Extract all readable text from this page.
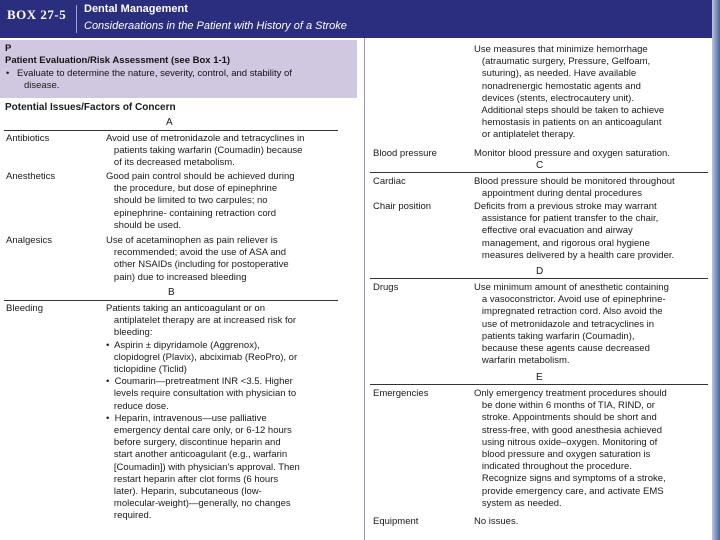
BOX 27-5 Dental Management
Consideraations in the Patient with History of a Stroke
P
Patient Evaluation/Risk Assessment (see Box 1-1)
• Evaluate to determine the nature, severity, control, and stability of
disease.
Potential Issues/Factors of Concern
A
Antibiotics	Avoid use of metronidazole and tetracyclines in
patients taking warfarin (Coumadin) because
of its decreased metabolism.
Anesthetics	Good pain control should be achieved during
the procedure, but dose of epinephrine
should be limited to two carpules; no
epinephrine- containing retraction cord
should be used.
Analgesics	Use of acetaminophen as pain reliever is
recommended; avoid the use of ASA and
other NSAIDs (including for postoperative
pain) due to increased bleeding
B
Bleeding	Patients taking an anticoagulant or on
antiplatelet therapy are at increased risk for
bleeding:
•  Aspirin ± dipyridamole (Aggrenox),
clopidogrel (Plavix), abciximab (ReoPro), or
ticlopidine (Ticlid)
•  Coumarin—pretreatment INR <3.5. Higher
levels require consultation with physician to
reduce dose.
•  Heparin, intravenous—use palliative
emergency dental care only, or 6-12 hours
before surgery, discontinue heparin and
start another anticoagulant (e.g., warfarin
[Coumadin]) with physician's approval. Then
restart heparin after clot forms (6 hours
later). Heparin, subcutaneous (low-
molecular-weight)—generally, no changes
required.
Use measures that minimize hemorrhage
(atraumatic surgery, Pressure, Gelfoam,
suturing), as needed. Have available
nonadrenergic hemostatic agents and
devices (stents, electrocautery unit).
Additional steps should be taken to achieve
hemostasis in patients on an anticoagulant
or antiplatelet therapy.
Blood pressure	Monitor blood pressure and oxygen saturation.
C
Cardiac	Blood pressure should be monitored throughout
appointment during dental procedures
Chair position	Deficits from a previous stroke may warrant
assistance for patient transfer to the chair,
effective oral evacuation and airway
management, and rigorous oral hygiene
measures delivered by a health care provider.
D
Drugs	Use minimum amount of anesthetic containing
a vasoconstrictor. Avoid use of epinephrine-
impregnated retraction cord. Also avoid the
use of metronidazole and tetracyclines in
patients taking warfarin (Coumadin),
because these agents cause decreased
warfarin metabolism.
E
Emergencies	Only emergency treatment procedures should
be done within 6 months of TIA, RIND, or
stroke. Appointments should be short and
stress-free, with good anesthesia achieved
using nitrous oxide–oxygen. Monitoring of
blood pressure and oxygen saturation is
indicated throughout the procedure.
Recognize signs and symptoms of a stroke,
provide emergency care, and activate EMS
system as needed.
Equipment	No issues.
